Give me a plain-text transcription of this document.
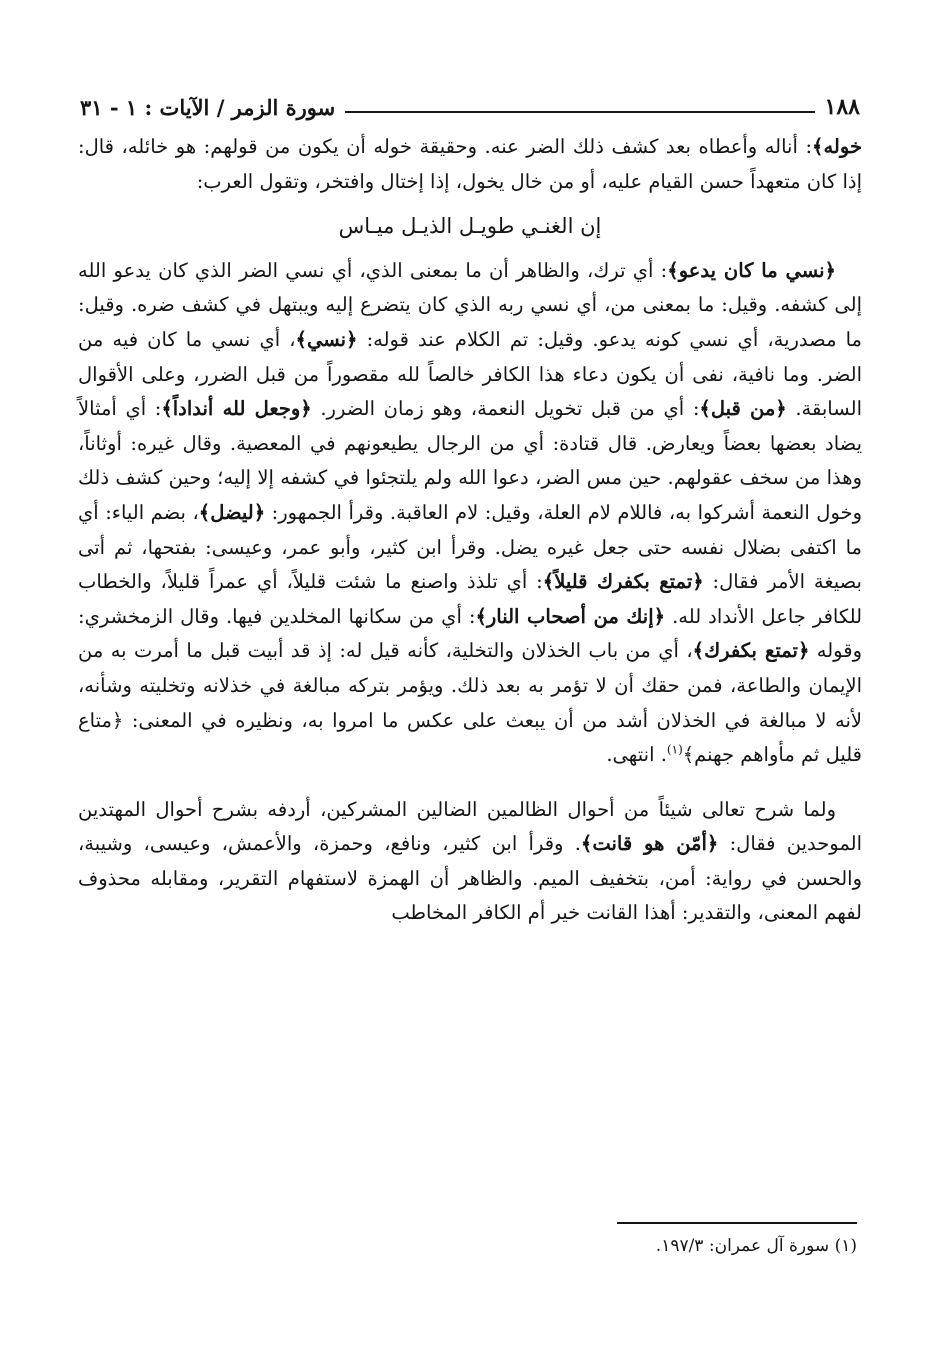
١٨٨
سورة الزمر / الآيات : ١ - ٣١

خوله﴾: أناله وأعطاه بعد كشف ذلك الضر عنه. وحقيقة خوله أن يكون من قولهم: هو خائله، قال: إذا كان متعهداً حسن القيام عليه، أو من خال يخول، إذا إختال وافتخر، وتقول العرب:

إن الغنـي طويـل الذيـل ميـاس

﴿نسي ما كان يدعو﴾: أي ترك، والظاهر أن ما بمعنى الذي، أي نسي الضر الذي كان يدعو الله إلى كشفه. وقيل: ما بمعنى من، أي نسي ربه الذي كان يتضرع إليه ويبتهل في كشف ضره. وقيل: ما مصدرية، أي نسي كونه يدعو. وقيل: تم الكلام عند قوله: ﴿نسي﴾، أي نسي ما كان فيه من الضر. وما نافية، نفى أن يكون دعاء هذا الكافر خالصاً لله مقصوراً من قبل الضرر، وعلى الأقوال السابقة. ﴿من قبل﴾: أي من قبل تخويل النعمة، وهو زمان الضرر. ﴿وجعل لله أنداداً﴾: أي أمثالاً يضاد بعضها بعضاً ويعارض. قال قتادة: أي من الرجال يطيعونهم في المعصية. وقال غيره: أوثاناً، وهذا من سخف عقولهم. حين مس الضر، دعوا الله ولم يلتجئوا في كشفه إلا إليه؛ وحين كشف ذلك وخول النعمة أشركوا به، فاللام لام العلة، وقيل: لام العاقبة. وقرأ الجمهور: ﴿ليضل﴾، بضم الياء: أي ما اكتفى بضلال نفسه حتى جعل غيره يضل. وقرأ ابن كثير، وأبو عمر، وعيسى: بفتحها، ثم أتى بصيغة الأمر فقال: ﴿تمتع بكفرك قليلاً﴾: أي تلذذ واصنع ما شئت قليلاً، أي عمراً قليلاً، والخطاب للكافر جاعل الأنداد لله. ﴿إنك من أصحاب النار﴾: أي من سكانها المخلدين فيها. وقال الزمخشري: وقوله ﴿تمتع بكفرك﴾، أي من باب الخذلان والتخلية، كأنه قيل له: إذ قد أبيت قبل ما أمرت به من الإيمان والطاعة، فمن حقك أن لا تؤمر به بعد ذلك. ويؤمر بتركه مبالغة في خذلانه وتخليته وشأنه، لأنه لا مبالغة في الخذلان أشد من أن يبعث على عكس ما امروا به، ونظيره في المعنى: ﴿متاع قليل ثم مأواهم جهنم﴾$^{(١)}$. انتهى.

ولما شرح تعالى شيئاً من أحوال الظالمين الضالين المشركين، أردفه بشرح أحوال المهتدين الموحدين فقال: ﴿أمّن هو قانت﴾. وقرأ ابن كثير، ونافع، وحمزة، والأعمش، وعيسى، وشيبة، والحسن في رواية: أمن، بتخفيف الميم. والظاهر أن الهمزة لاستفهام التقرير، ومقابله محذوف لفهم المعنى، والتقدير: أهذا القانت خير أم الكافر المخاطب

(١) سورة آل عمران: ١٩٧/٣.
